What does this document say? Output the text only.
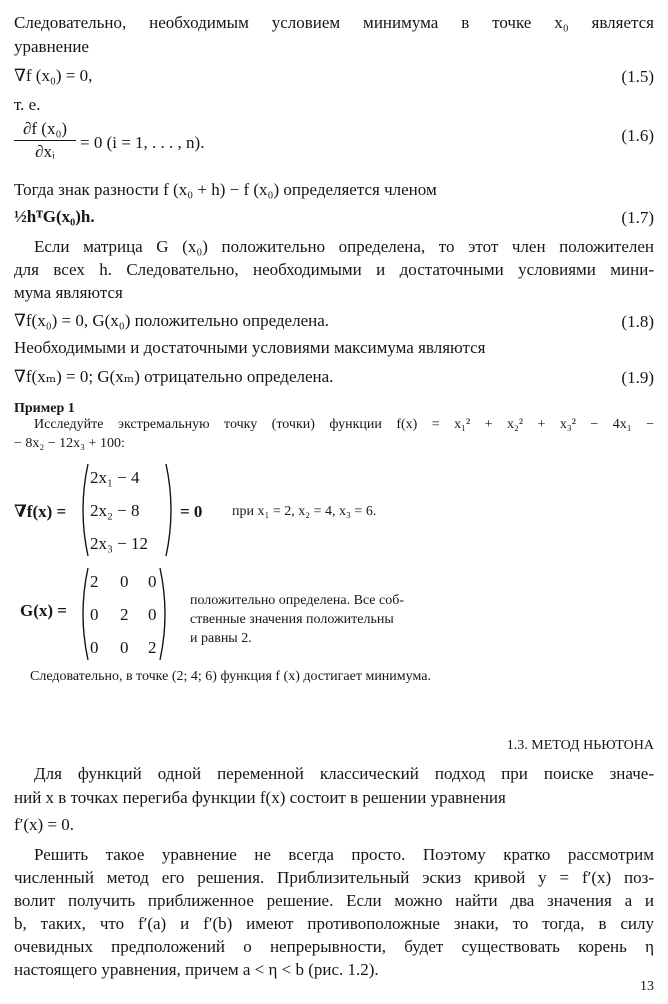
Следовательно, необходимым условием минимума в точке x₀ является
уравнение
∇f (x₀) = 0,	(1.5)
т. е.
∂f (x₀)
∂xᵢ	= 0 (i = 1, . . . , n).	(1.6)
Тогда знак разности f (x₀ + h) − f (x₀) определяется членом
½hᵀG(x₀)h.	(1.7)
Если матрица G (x₀) положительно определена, то этот член положителен
для всех h. Следовательно, необходимыми и достаточными условиями мини-
мума являются
∇f(x₀) = 0, G(x₀) положительно определена.	(1.8)
Необходимыми и достаточными условиями максимума являются
∇f(xₘ) = 0; G(xₘ) отрицательно определена.	(1.9)
Пример 1
Исследуйте экстремальную точку (точки) функции f(x) = x₁² + x₂² + x₃² − 4x₁ −
− 8x₂ − 12x₃ + 100:
∇f(x) =
2x₁ − 4
2x₂ − 8
2x₃ − 12
= 0 при x₁ = 2, x₂ = 4, x₃ = 6.
G(x) =
2 0 0
0 2 0
0 0 2
положительно определена. Все соб-
ственные значения положительны
и равны 2.
Следовательно, в точке (2; 4; 6) функция f (x) достигает минимума.
1.3. МЕТОД НЬЮТОНА
Для функций одной переменной классический подход при поиске значе-
ний x в точках перегиба функции f(x) состоит в решении уравнения
f′(x) = 0.
Решить такое уравнение не всегда просто. Поэтому кратко рассмотрим
численный метод его решения. Приблизительный эскиз кривой y = f′(x) поз-
волит получить приближенное решение. Если можно найти два значения a и
b, таких, что f′(a) и f′(b) имеют противоположные знаки, то тогда, в силу
очевидных предположений о непрерывности, будет существовать корень η
настоящего уравнения, причем a < η < b (рис. 1.2).
13
